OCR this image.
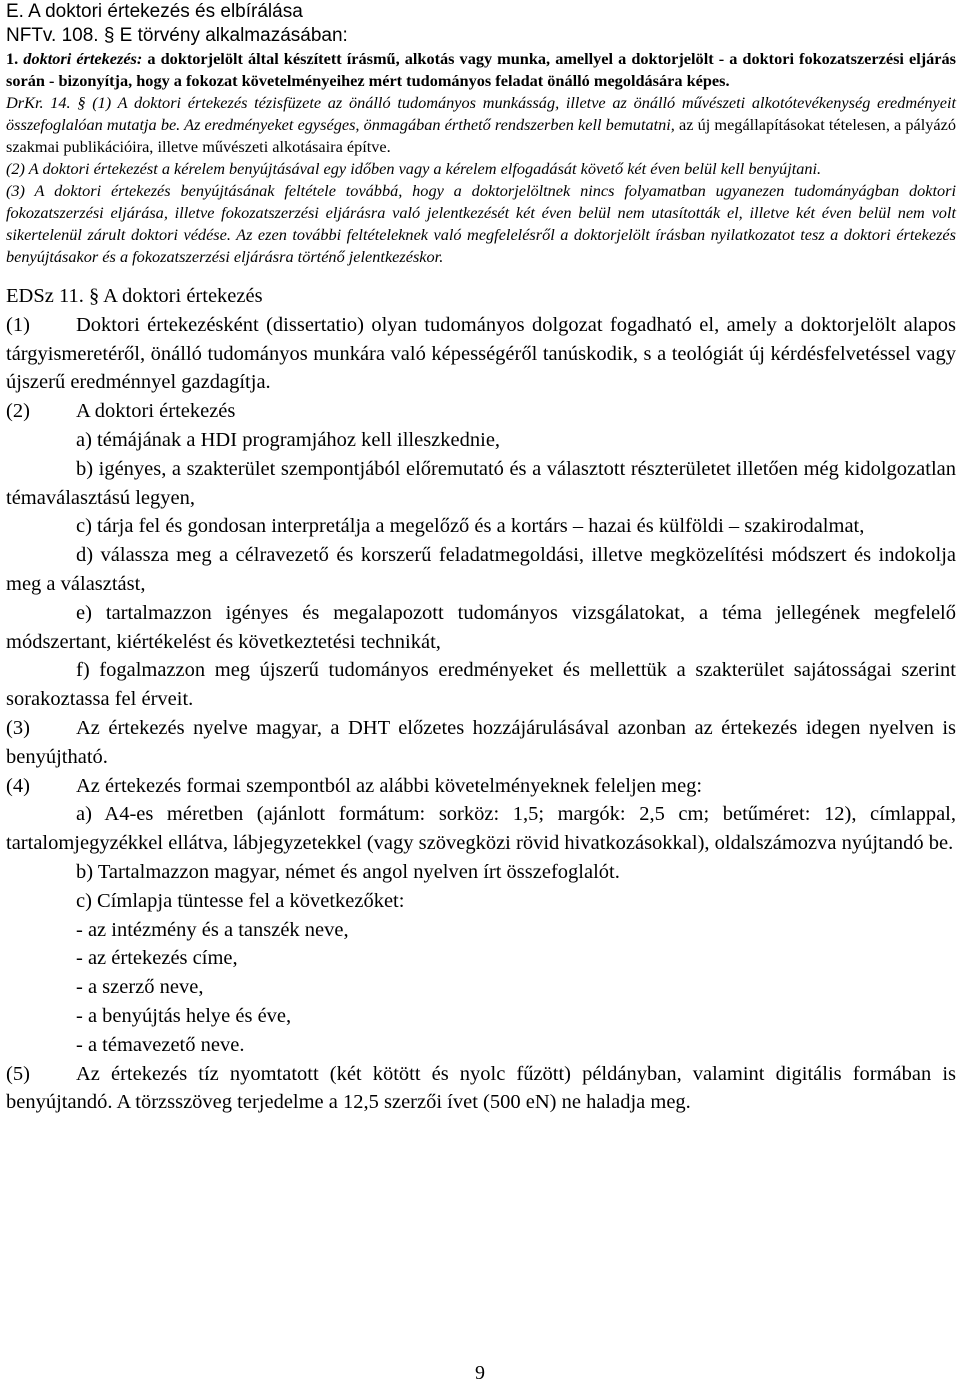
E. A doktori értekezés és elbírálása
NFTv. 108. § E törvény alkalmazásában:

1. doktori értekezés: a doktorjelölt által készített írásmű, alkotás vagy munka, amellyel a doktorjelölt - a doktori fokozatszerzési eljárás során - bizonyítja, hogy a fokozat követelményeihez mért tudományos feladat önálló megoldására képes.

DrKr. 14. § (1) A doktori értekezés tézisfüzete az önálló tudományos munkásság, illetve az önálló művészeti alkotótevékenység eredményeit összefoglalóan mutatja be. Az eredményeket egységes, önmagában érthető rendszerben kell bemutatni, az új megállapításokat tételesen, a pályázó szakmai publikációira, illetve művészeti alkotásaira építve.

(2) A doktori értekezést a kérelem benyújtásával egy időben vagy a kérelem elfogadását követő két éven belül kell benyújtani.

(3) A doktori értekezés benyújtásának feltétele továbbá, hogy a doktorjelöltnek nincs folyamatban ugyanezen tudományágban doktori fokozatszerzési eljárása, illetve fokozatszerzési eljárásra való jelentkezését két éven belül nem utasították el, illetve két éven belül nem volt sikertelenül zárult doktori védése. Az ezen további feltételeknek való megfelelésről a doktorjelölt írásban nyilatkozatot tesz a doktori értekezés benyújtásakor és a fokozatszerzési eljárásra történő jelentkezéskor.

EDSz 11. § A doktori értekezés

(1) Doktori értekezésként (dissertatio) olyan tudományos dolgozat fogadható el, amely a doktorjelölt alapos tárgyismeretéről, önálló tudományos munkára való képességéről tanúskodik, s a teológiát új kérdésfelvetéssel vagy újszerű eredménnyel gazdagítja.

(2) A doktori értekezés

a) témájának a HDI programjához kell illeszkednie,

b) igényes, a szakterület szempontjából előremutató és a választott részterületet illetően még kidolgozatlan témaválasztású legyen,

c) tárja fel és gondosan interpretálja a megelőző és a kortárs – hazai és külföldi – szakirodalmat,

d) válassza meg a célravezető és korszerű feladatmegoldási, illetve megközelítési módszert és indokolja meg a választást,

e) tartalmazzon igényes és megalapozott tudományos vizsgálatokat, a téma jellegének megfelelő módszertant, kiértékelést és következtetési technikát,

f) fogalmazzon meg újszerű tudományos eredményeket és mellettük a szakterület sajátosságai szerint sorakoztassa fel érveit.

(3) Az értekezés nyelve magyar, a DHT előzetes hozzájárulásával azonban az értekezés idegen nyelven is benyújtható.

(4) Az értekezés formai szempontból az alábbi követelményeknek feleljen meg:

a) A4-es méretben (ajánlott formátum: sorköz: 1,5; margók: 2,5 cm; betűméret: 12), címlappal, tartalomjegyzékkel ellátva, lábjegyzetekkel (vagy szövegközi rövid hivatkozásokkal), oldalszámozva nyújtandó be.

b) Tartalmazzon magyar, német és angol nyelven írt összefoglalót.

c) Címlapja tüntesse fel a következőket:

- az intézmény és a tanszék neve,

- az értekezés címe,

- a szerző neve,

- a benyújtás helye és éve,

- a témavezető neve.

(5) Az értekezés tíz nyomtatott (két kötött és nyolc fűzött) példányban, valamint digitális formában is benyújtandó. A törzsszöveg terjedelme a 12,5 szerzői ívet (500 eN) ne haladja meg.

9
